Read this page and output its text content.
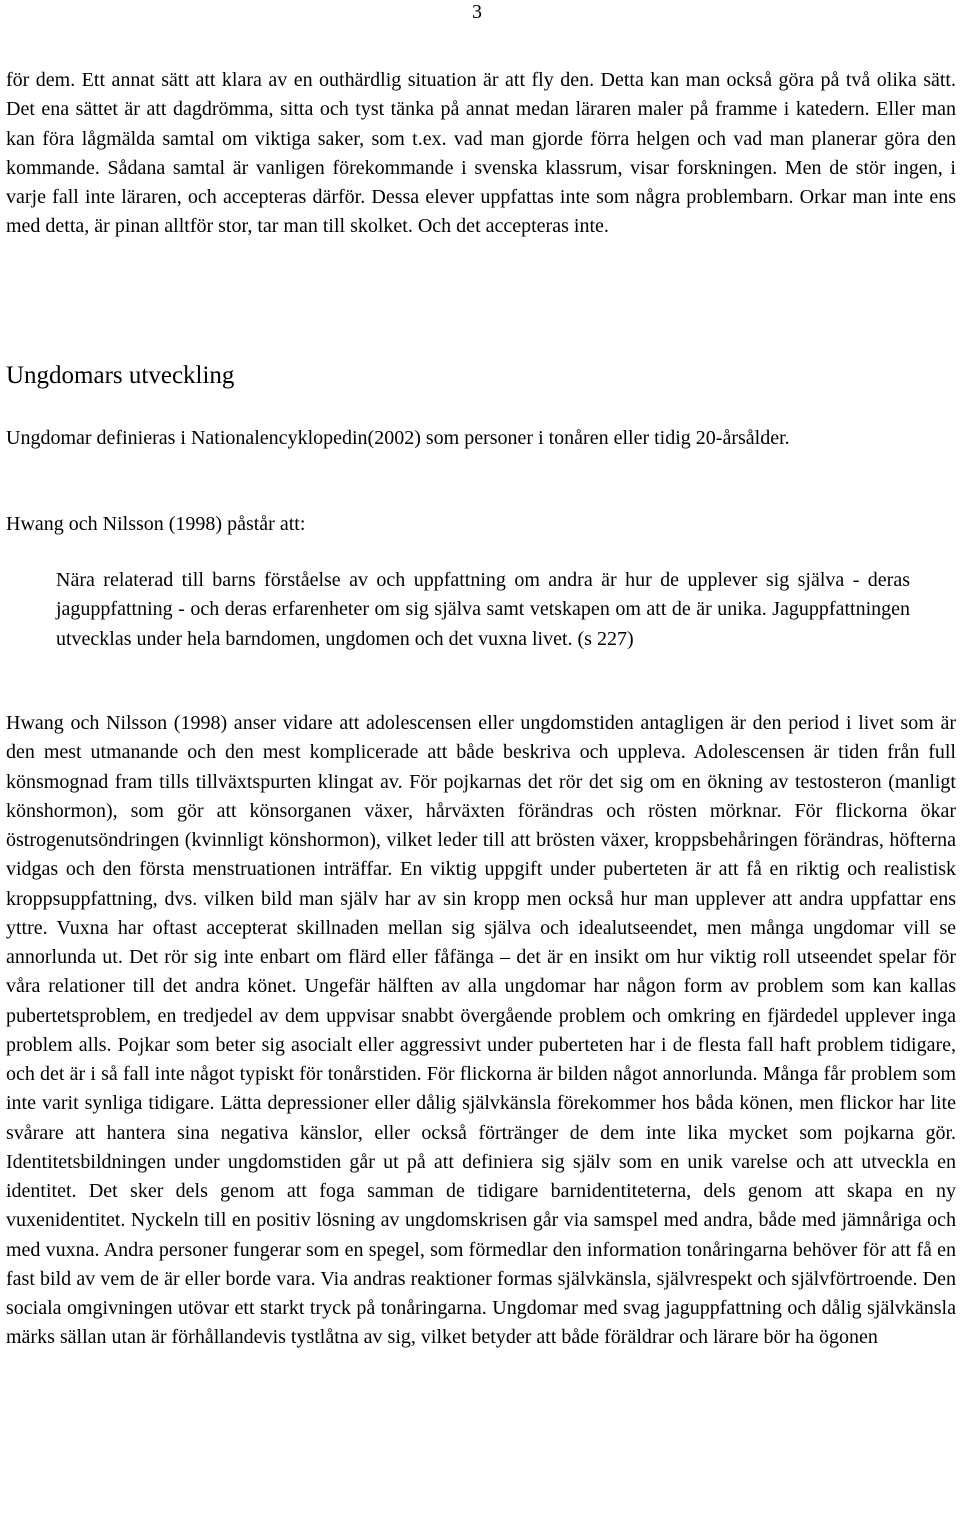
3

för dem. Ett annat sätt att klara av en outhärdlig situation är att fly den. Detta kan man också göra på två olika sätt. Det ena sättet är att dagdrömma, sitta och tyst tänka på annat medan läraren maler på framme i katedern. Eller man kan föra lågmälda samtal om viktiga saker, som t.ex. vad man gjorde förra helgen och vad man planerar göra den kommande. Sådana samtal är vanligen förekommande i svenska klassrum, visar forskningen. Men de stör ingen, i varje fall inte läraren, och accepteras därför. Dessa elever uppfattas inte som några problembarn. Orkar man inte ens med detta, är pinan alltför stor, tar man till skolket. Och det accepteras inte.

Ungdomars utveckling

Ungdomar definieras i Nationalencyklopedin(2002) som personer i tonåren eller tidig 20-årsålder.

Hwang och Nilsson (1998) påstår att:

Nära relaterad till barns förståelse av och uppfattning om andra är hur de upplever sig själva - deras jaguppfattning - och deras erfarenheter om sig själva samt vetskapen om att de är unika. Jaguppfattningen utvecklas under hela barndomen, ungdomen och det vuxna livet. (s 227)

Hwang och Nilsson (1998) anser vidare att adolescensen eller ungdomstiden antagligen är den period i livet som är den mest utmanande och den mest komplicerade att både beskriva och uppleva. Adolescensen är tiden från full könsmognad fram tills tillväxtspurten klingat av. För pojkarnas det rör det sig om en ökning av testosteron (manligt könshormon), som gör att könsorganen växer, hårväxten förändras och rösten mörknar. För flickorna ökar östrogenutsöndringen (kvinnligt könshormon), vilket leder till att brösten växer, kroppsbehåringen förändras, höfterna vidgas och den första menstruationen inträffar. En viktig uppgift under puberteten är att få en riktig och realistisk kroppsuppfattning, dvs. vilken bild man själv har av sin kropp men också hur man upplever att andra uppfattar ens yttre. Vuxna har oftast accepterat skillnaden mellan sig själva och idealutseendet, men många ungdomar vill se annorlunda ut. Det rör sig inte enbart om flärd eller fåfänga – det är en insikt om hur viktig roll utseendet spelar för våra relationer till det andra könet. Ungefär hälften av alla ungdomar har någon form av problem som kan kallas pubertetsproblem, en tredjedel av dem uppvisar snabbt övergående problem och omkring en fjärdedel upplever inga problem alls. Pojkar som beter sig asocialt eller aggressivt under puberteten har i de flesta fall haft problem tidigare, och det är i så fall inte något typiskt för tonårstiden. För flickorna är bilden något annorlunda. Många får problem som inte varit synliga tidigare. Lätta depressioner eller dålig självkänsla förekommer hos båda könen, men flickor har lite svårare att hantera sina negativa känslor, eller också förtränger de dem inte lika mycket som pojkarna gör. Identitetsbildningen under ungdomstiden går ut på att definiera sig själv som en unik varelse och att utveckla en identitet. Det sker dels genom att foga samman de tidigare barnidentiteterna, dels genom att skapa en ny vuxenidentitet. Nyckeln till en positiv lösning av ungdomskrisen går via samspel med andra, både med jämnåriga och med vuxna. Andra personer fungerar som en spegel, som förmedlar den information tonåringarna behöver för att få en fast bild av vem de är eller borde vara. Via andras reaktioner formas självkänsla, självrespekt och självförtroende. Den sociala omgivningen utövar ett starkt tryck på tonåringarna. Ungdomar med svag jaguppfattning och dålig självkänsla märks sällan utan är förhållandevis tystlåtna av sig, vilket betyder att både föräldrar och lärare bör ha ögonen
